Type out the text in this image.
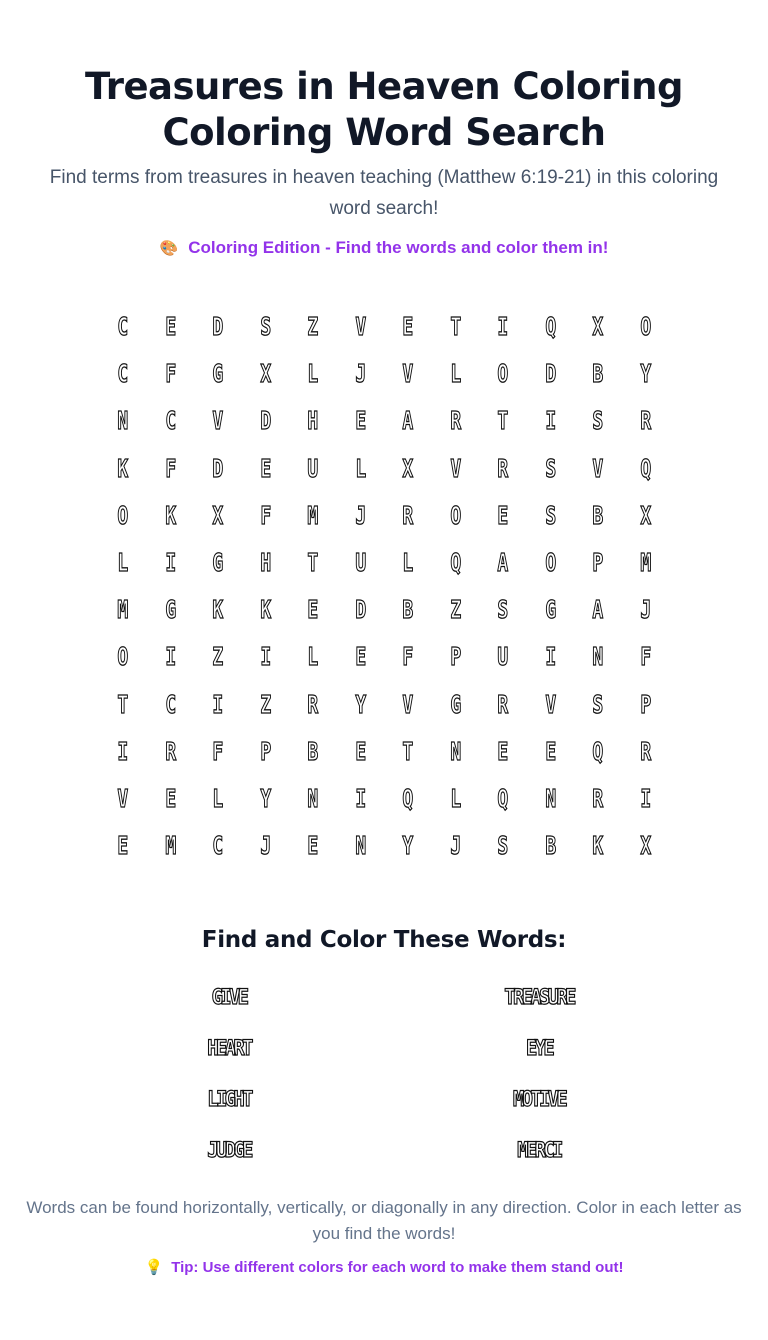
Treasures in Heaven Coloring Coloring Word Search
Find terms from treasures in heaven teaching (Matthew 6:19-21) in this coloring word search!
🎨 Coloring Edition - Find the words and color them in!
C	E	D	S	Z	V	E	T	I	Q	X	O
C	F	G	X	L	J	V	L	O	D	B	Y
N	C	V	D	H	E	A	R	T	I	S	R
K	F	D	E	U	L	X	V	R	S	V	Q
O	K	X	F	M	J	R	O	E	S	B	X
L	I	G	H	T	U	L	Q	A	O	P	M
M	G	K	K	E	D	B	Z	S	G	A	J
O	I	Z	I	L	E	F	P	U	I	N	F
T	C	I	Z	R	Y	V	G	R	V	S	P
I	R	F	P	B	E	T	N	E	E	Q	R
V	E	L	Y	N	I	Q	L	Q	N	R	I
E	M	C	J	E	N	Y	J	S	B	K	X
Find and Color These Words:
GIVE	TREASURE
HEART	EYE
LIGHT	MOTIVE
JUDGE	MERCI
Words can be found horizontally, vertically, or diagonally in any direction. Color in each letter as you find the words!
💡 Tip: Use different colors for each word to make them stand out!
